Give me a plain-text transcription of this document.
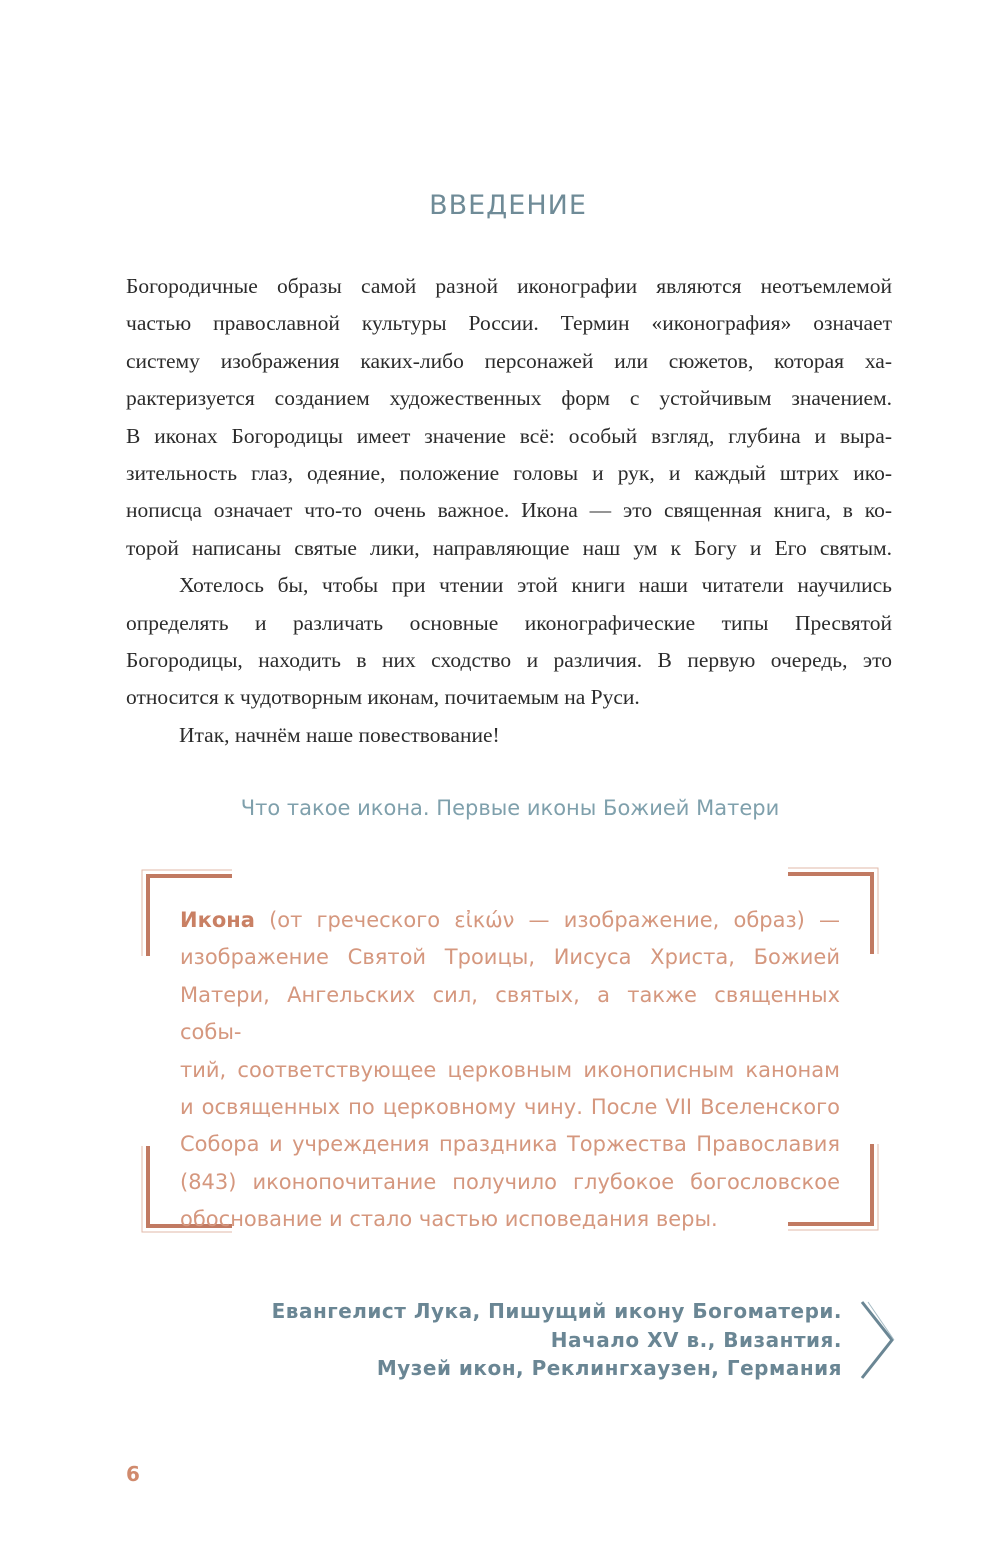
ВВЕДЕНИЕ

Богородичные образы самой разной иконографии являются неотъемлемой

частью православной культуры России. Термин «иконография» означает

систему изображения каких-либо персонажей или сюжетов, которая ха-

рактеризуется созданием художественных форм с устойчивым значением.

В иконах Богородицы имеет значение всё: особый взгляд, глубина и выра-

зительность глаз, одеяние, положение головы и рук, и каждый штрих ико-

нописца означает что-то очень важное. Икона — это священная книга, в ко-

торой написаны святые лики, направляющие наш ум к Богу и Его святым.

Хотелось бы, чтобы при чтении этой книги наши читатели научились

определять и различать основные иконографические типы Пресвятой

Богородицы, находить в них сходство и различия. В первую очередь, это

относится к чудотворным иконам, почитаемым на Руси.

Итак, начнём наше повествование!

Что такое икона. Первые иконы Божией Матери

Икона (от греческого εἰκών — изображение, образ) —

изображение Святой Троицы, Иисуса Христа, Божией

Матери, Ангельских сил, святых, а также священных собы-

тий, соответствующее церковным иконописным канонам

и освященных по церковному чину. После VII Вселенского

Собора и учреждения праздника Торжества Православия

(843) иконопочитание получило глубокое богословское

обоснование и стало частью исповедания веры.

Евангелист Лука, Пишущий икону Богоматери.
Начало XV в., Византия.
Музей икон, Реклингхаузен, Германия
6
